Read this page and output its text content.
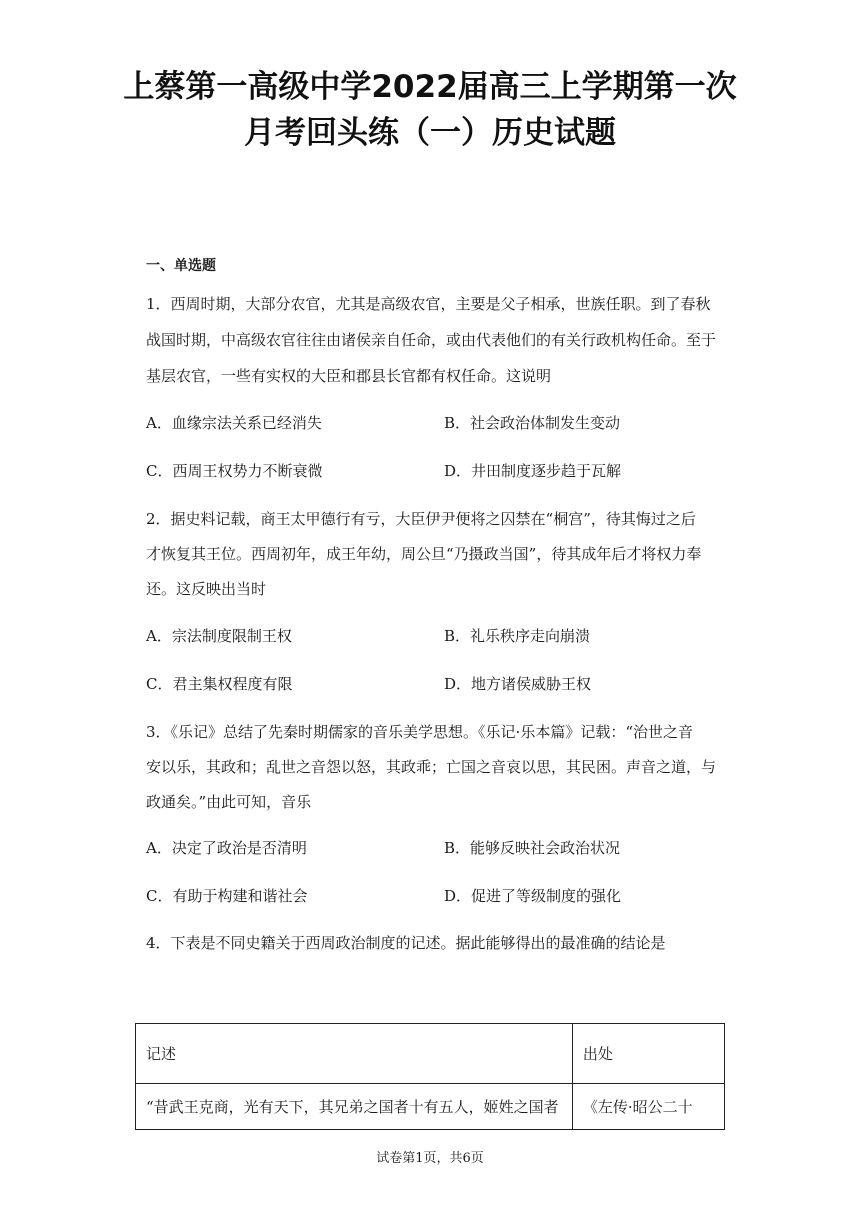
上蔡第一高级中学2022届高三上学期第一次
月考回头练（一）历史试题
一、单选题
1．西周时期，大部分农官，尤其是高级农官，主要是父子相承，世族任职。到了春秋
战国时期，中高级农官往往由诸侯亲自任命，或由代表他们的有关行政机构任命。至于
基层农官，一些有实权的大臣和郡县长官都有权任命。这说明
A．血缘宗法关系已经消失	B．社会政治体制发生变动
C．西周王权势力不断衰微	D．井田制度逐步趋于瓦解
2．据史料记载，商王太甲德行有亏，大臣伊尹便将之囚禁在“桐宫”，待其悔过之后
才恢复其王位。西周初年，成王年幼，周公旦“乃摄政当国”，待其成年后才将权力奉
还。这反映出当时
A．宗法制度限制王权	B．礼乐秩序走向崩溃
C．君主集权程度有限	D．地方诸侯威胁王权
3．《乐记》总结了先秦时期儒家的音乐美学思想。《乐记·乐本篇》记载：“治世之音
安以乐，其政和；乱世之音怨以怒，其政乖；亡国之音哀以思，其民困。声音之道，与
政通矣。”由此可知，音乐
A．决定了政治是否清明	B．能够反映社会政治状况
C．有助于构建和谐社会	D．促进了等级制度的强化
4．下表是不同史籍关于西周政治制度的记述。据此能够得出的最准确的结论是
记述	出处
“昔武王克商，光有天下，其兄弟之国者十有五人，姬姓之国者	《左传·昭公二十
试卷第1页，共6页
